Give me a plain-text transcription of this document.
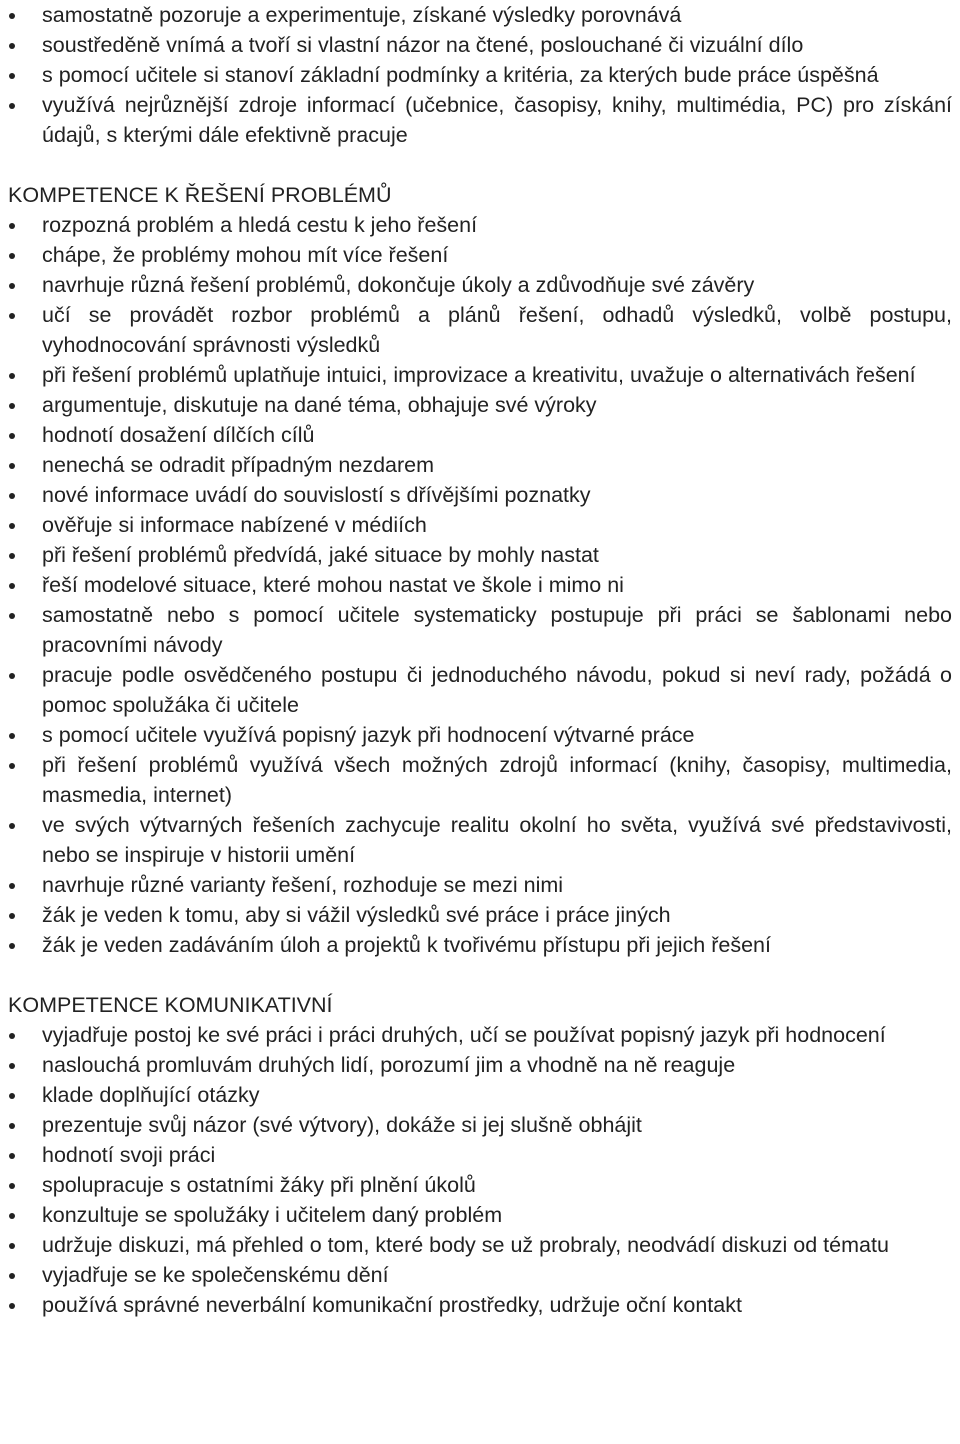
samostatně pozoruje a experimentuje, získané výsledky porovnává
soustředěně vnímá a tvoří si vlastní názor na čtené, poslouchané či vizuální dílo
s pomocí učitele si stanoví základní podmínky a kritéria, za kterých bude práce úspěšná
využívá nejrůznější zdroje informací (učebnice, časopisy, knihy, multimédia, PC) pro získání údajů, s kterými dále efektivně pracuje
KOMPETENCE K ŘEŠENÍ PROBLÉMŮ
rozpozná problém a hledá cestu k jeho řešení
chápe, že problémy mohou mít více řešení
navrhuje různá řešení problémů, dokončuje úkoly a zdůvodňuje své závěry
učí se provádět rozbor problémů a plánů řešení, odhadů výsledků, volbě postupu, vyhodnocování správnosti výsledků
při řešení problémů uplatňuje intuici, improvizace a kreativitu, uvažuje o alternativách řešení
argumentuje, diskutuje na dané téma, obhajuje své výroky
hodnotí dosažení dílčích cílů
nenechá se odradit případným nezdarem
nové informace uvádí do souvislostí s dřívějšími poznatky
ověřuje si informace nabízené v médiích
při řešení problémů předvídá, jaké situace by mohly nastat
řeší modelové situace, které mohou nastat ve škole i mimo ni
samostatně nebo s pomocí učitele systematicky postupuje při práci se šablonami nebo pracovními návody
pracuje podle osvědčeného postupu či jednoduchého návodu, pokud si neví rady, požádá o pomoc spolužáka či učitele
s pomocí učitele využívá popisný jazyk při hodnocení výtvarné práce
při řešení problémů využívá všech možných zdrojů informací (knihy, časopisy, multimedia, masmedia, internet)
ve svých výtvarných řešeních zachycuje realitu okolní ho světa, využívá své představivosti, nebo se inspiruje v historii umění
navrhuje různé varianty řešení, rozhoduje se mezi nimi
žák je veden k tomu, aby si vážil výsledků své práce i práce jiných
žák je veden zadáváním úloh a projektů k tvořivému přístupu při jejich řešení
KOMPETENCE KOMUNIKATIVNÍ
vyjadřuje postoj ke své práci i práci druhých, učí se používat popisný jazyk při hodnocení
naslouchá promluvám druhých lidí, porozumí jim a vhodně na ně reaguje
klade doplňující otázky
prezentuje svůj názor (své výtvory), dokáže si jej slušně obhájit
hodnotí svoji práci
spolupracuje s ostatními žáky při plnění úkolů
konzultuje se spolužáky i učitelem daný problém
udržuje diskuzi, má přehled o tom, které body se už probraly, neodvádí diskuzi od tématu
vyjadřuje se ke společenskému dění
používá správné neverbální komunikační prostředky, udržuje oční kontakt
